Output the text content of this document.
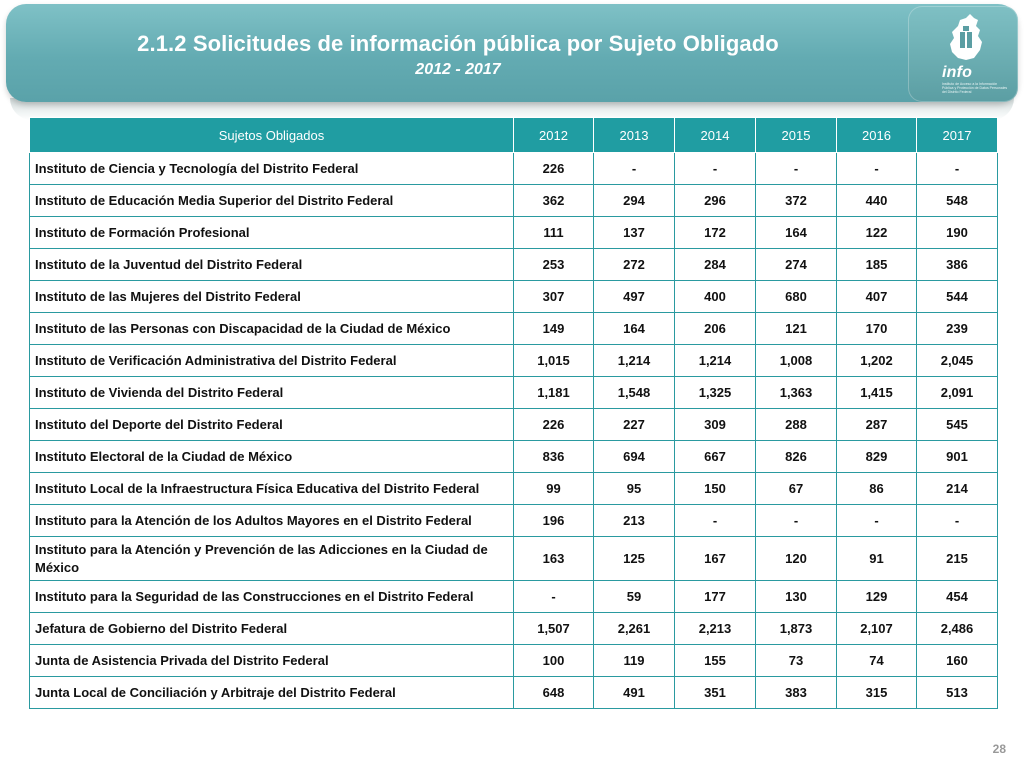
2.1.2 Solicitudes de información pública por Sujeto Obligado
2012 - 2017	info
Instituto de Acceso a la Información Pública y Protección de Datos Personales del Distrito Federal
Sujetos Obligados	2012	2013	2014	2015	2016	2017
Instituto de Ciencia y Tecnología del Distrito Federal	226	-	-	-	-	-
Instituto de Educación Media Superior del Distrito Federal	362	294	296	372	440	548
Instituto de Formación Profesional	111	137	172	164	122	190
Instituto de la Juventud del Distrito Federal	253	272	284	274	185	386
Instituto de las Mujeres del Distrito Federal	307	497	400	680	407	544
Instituto de las Personas con Discapacidad de la Ciudad de México	149	164	206	121	170	239
Instituto de Verificación Administrativa del Distrito Federal	1,015	1,214	1,214	1,008	1,202	2,045
Instituto de Vivienda del Distrito Federal	1,181	1,548	1,325	1,363	1,415	2,091
Instituto del Deporte del Distrito Federal	226	227	309	288	287	545
Instituto Electoral de la Ciudad de México	836	694	667	826	829	901
Instituto Local de la Infraestructura Física Educativa del Distrito Federal	99	95	150	67	86	214
Instituto para la Atención de los Adultos Mayores en el Distrito Federal	196	213	-	-	-	-
Instituto para la Atención y Prevención de las Adicciones en la Ciudad de México	163	125	167	120	91	215
Instituto para la Seguridad de las Construcciones en el Distrito Federal	-	59	177	130	129	454
Jefatura de Gobierno del Distrito Federal	1,507	2,261	2,213	1,873	2,107	2,486
Junta de Asistencia Privada del Distrito Federal	100	119	155	73	74	160
Junta Local de Conciliación y Arbitraje del Distrito Federal	648	491	351	383	315	513
28
